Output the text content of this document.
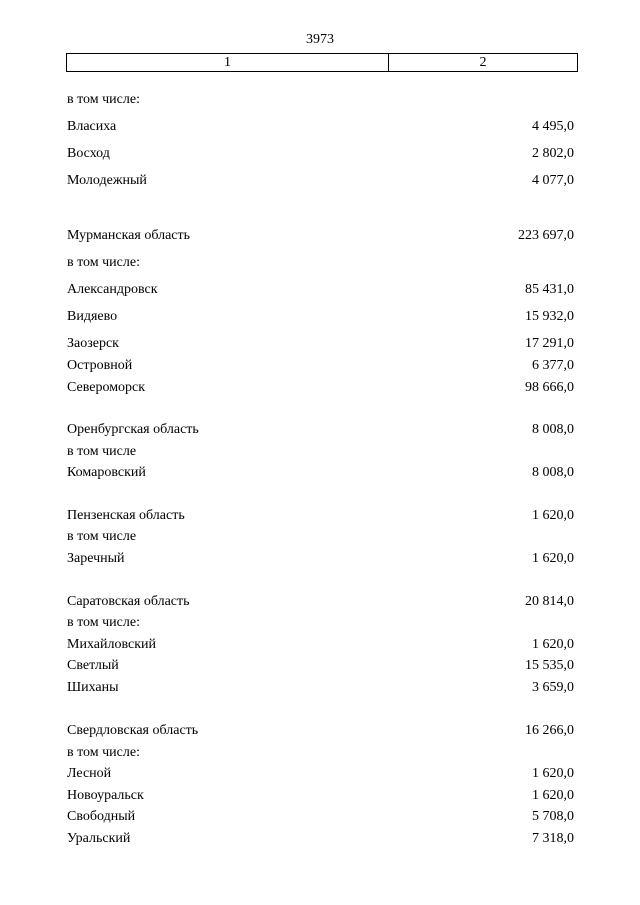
3973
1	2
в том числе:
Власиха	4 495,0
Восход	2 802,0
Молодежный	4 077,0
Мурманская область	223 697,0
в том числе:
Александровск	85 431,0
Видяево	15 932,0
Заозерск	17 291,0
Островной	6 377,0
Североморск	98 666,0
Оренбургская область	8 008,0
в том числе
Комаровский	8 008,0
Пензенская область	1 620,0
в том числе
Заречный	1 620,0
Саратовская область	20 814,0
в том числе:
Михайловский	1 620,0
Светлый	15 535,0
Шиханы	3 659,0
Свердловская область	16 266,0
в том числе:
Лесной	1 620,0
Новоуральск	1 620,0
Свободный	5 708,0
Уральский	7 318,0
